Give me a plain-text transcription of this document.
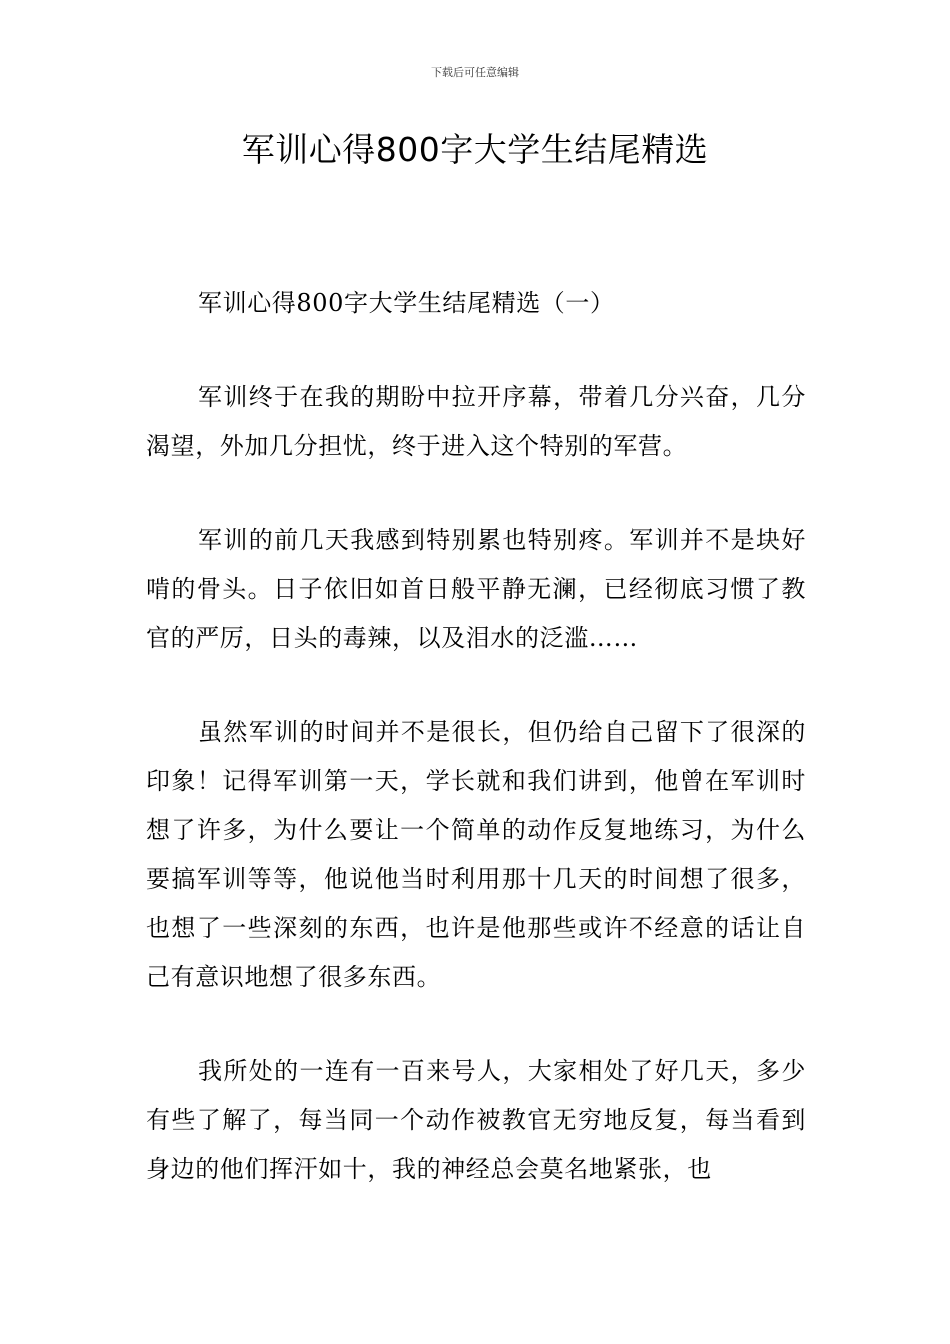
下载后可任意编辑
军训心得800字大学生结尾精选

军训心得800字大学生结尾精选（一）

军训终于在我的期盼中拉开序幕，带着几分兴奋，几分渴望，外加几分担忧，终于进入这个特别的军营。

军训的前几天我感到特别累也特别疼。军训并不是块好啃的骨头。日子依旧如首日般平静无澜，已经彻底习惯了教官的严厉，日头的毒辣，以及泪水的泛滥……

虽然军训的时间并不是很长，但仍给自己留下了很深的印象！记得军训第一天，学长就和我们讲到，他曾在军训时想了许多，为什么要让一个简单的动作反复地练习，为什么要搞军训等等，他说他当时利用那十几天的时间想了很多，也想了一些深刻的东西，也许是他那些或许不经意的话让自己有意识地想了很多东西。

我所处的一连有一百来号人，大家相处了好几天，多少有些了解了，每当同一个动作被教官无穷地反复，每当看到身边的他们挥汗如十，我的神经总会莫名地紧张，也
